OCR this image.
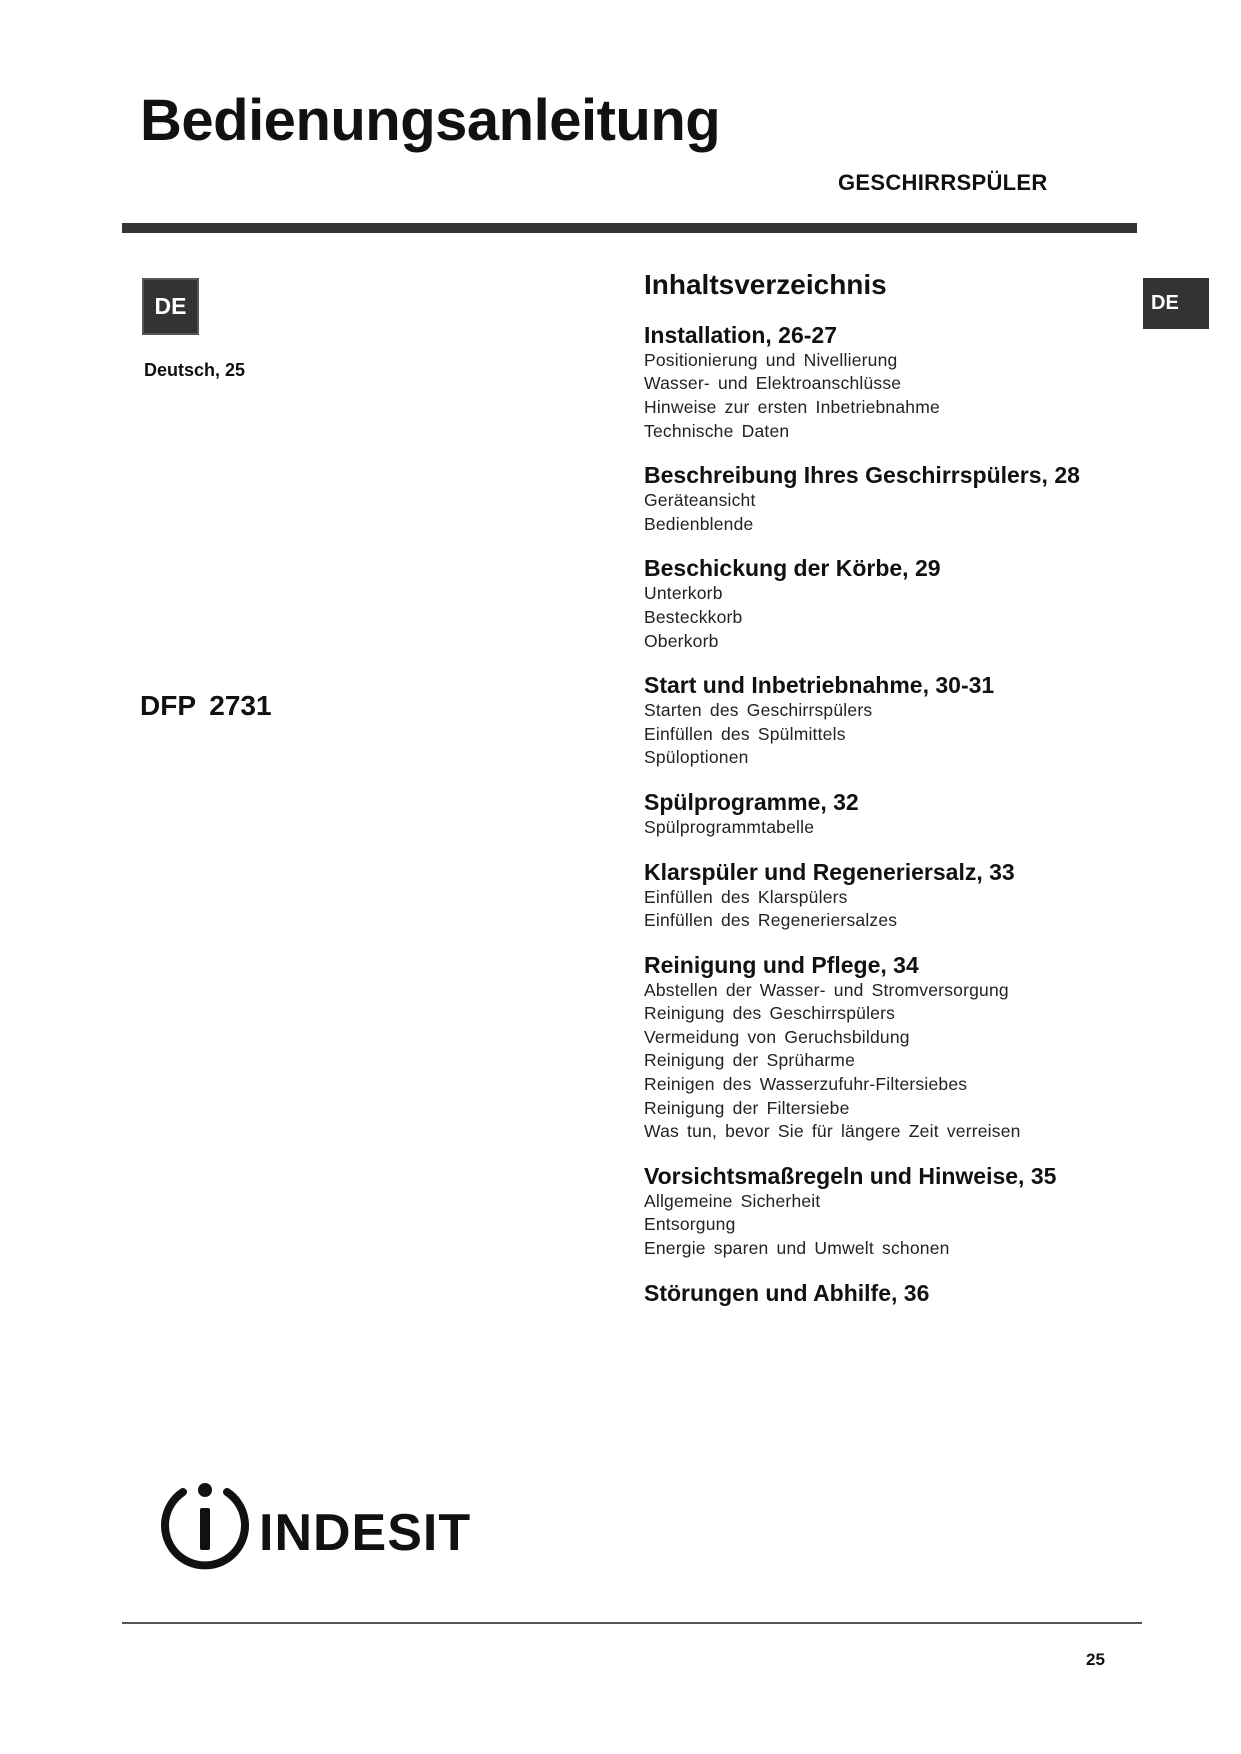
Bedienungsanleitung
GESCHIRRSPÜLER
DE
Deutsch, 25
DFP 2731
DE
Inhaltsverzeichnis
Installation, 26-27
Positionierung und Nivellierung
Wasser- und Elektroanschlüsse
Hinweise zur ersten Inbetriebnahme
Technische Daten
Beschreibung Ihres Geschirrspülers, 28
Geräteansicht
Bedienblende
Beschickung der Körbe, 29
Unterkorb
Besteckkorb
Oberkorb
Start und Inbetriebnahme, 30-31
Starten des Geschirrspülers
Einfüllen des Spülmittels
Spüloptionen
Spülprogramme, 32
Spülprogrammtabelle
Klarspüler und Regeneriersalz, 33
Einfüllen des Klarspülers
Einfüllen des Regeneriersalzes
Reinigung und Pflege, 34
Abstellen der Wasser- und Stromversorgung
Reinigung des Geschirrspülers
Vermeidung von Geruchsbildung
Reinigung der Sprüharme
Reinigen des Wasserzufuhr-Filtersiebes
Reinigung der Filtersiebe
Was tun, bevor Sie für längere Zeit verreisen
Vorsichtsmaßregeln und Hinweise, 35
Allgemeine Sicherheit
Entsorgung
Energie sparen und Umwelt schonen
Störungen und Abhilfe, 36
INDESIT
25
